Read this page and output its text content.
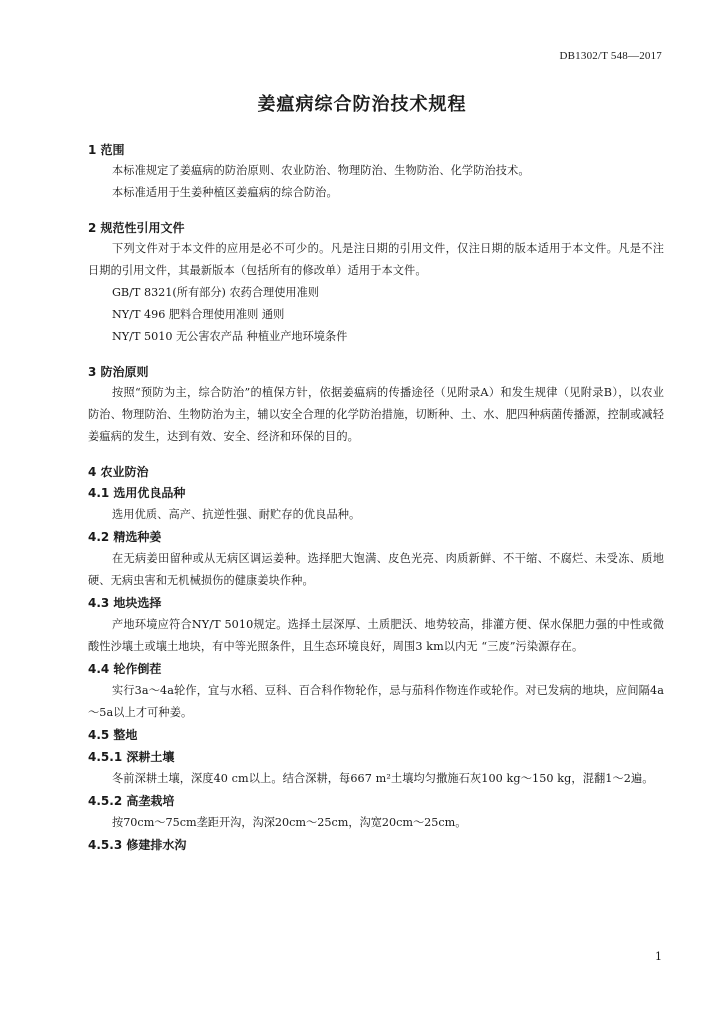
DB1302/T 548—2017
姜瘟病综合防治技术规程
1 范围
本标准规定了姜瘟病的防治原则、农业防治、物理防治、生物防治、化学防治技术。
本标准适用于生姜种植区姜瘟病的综合防治。
2 规范性引用文件
下列文件对于本文件的应用是必不可少的。凡是注日期的引用文件，仅注日期的版本适用于本文件。凡是不注日期的引用文件，其最新版本（包括所有的修改单）适用于本文件。
GB/T 8321(所有部分) 农药合理使用准则
NY/T 496 肥料合理使用准则 通则
NY/T 5010 无公害农产品 种植业产地环境条件
3 防治原则
按照“预防为主，综合防治”的植保方针，依据姜瘟病的传播途径（见附录A）和发生规律（见附录B），以农业防治、物理防治、生物防治为主，辅以安全合理的化学防治措施，切断种、土、水、肥四种病菌传播源，控制或减轻姜瘟病的发生，达到有效、安全、经济和环保的目的。
4 农业防治
4.1 选用优良品种
选用优质、高产、抗逆性强、耐贮存的优良品种。
4.2 精选种姜
在无病姜田留种或从无病区调运姜种。选择肥大饱满、皮色光亮、肉质新鲜、不干缩、不腐烂、未受冻、质地硬、无病虫害和无机械损伤的健康姜块作种。
4.3 地块选择
产地环境应符合NY/T 5010规定。选择土层深厚、土质肥沃、地势较高，排灌方便、保水保肥力强的中性或微酸性沙壤土或壤土地块，有中等光照条件，且生态环境良好，周围3 km以内无 “三废”污染源存在。
4.4 轮作倒茬
实行3a～4a轮作，宜与水稻、豆科、百合科作物轮作，忌与茄科作物连作或轮作。对已发病的地块，应间隔4a～5a以上才可种姜。
4.5 整地
4.5.1 深耕土壤
冬前深耕土壤，深度40 cm以上。结合深耕，每667 m²土壤均匀撒施石灰100 kg～150 kg，混翻1～2遍。
4.5.2 高垄栽培
按70cm～75cm垄距开沟，沟深20cm～25cm，沟宽20cm～25cm。
4.5.3 修建排水沟
1
